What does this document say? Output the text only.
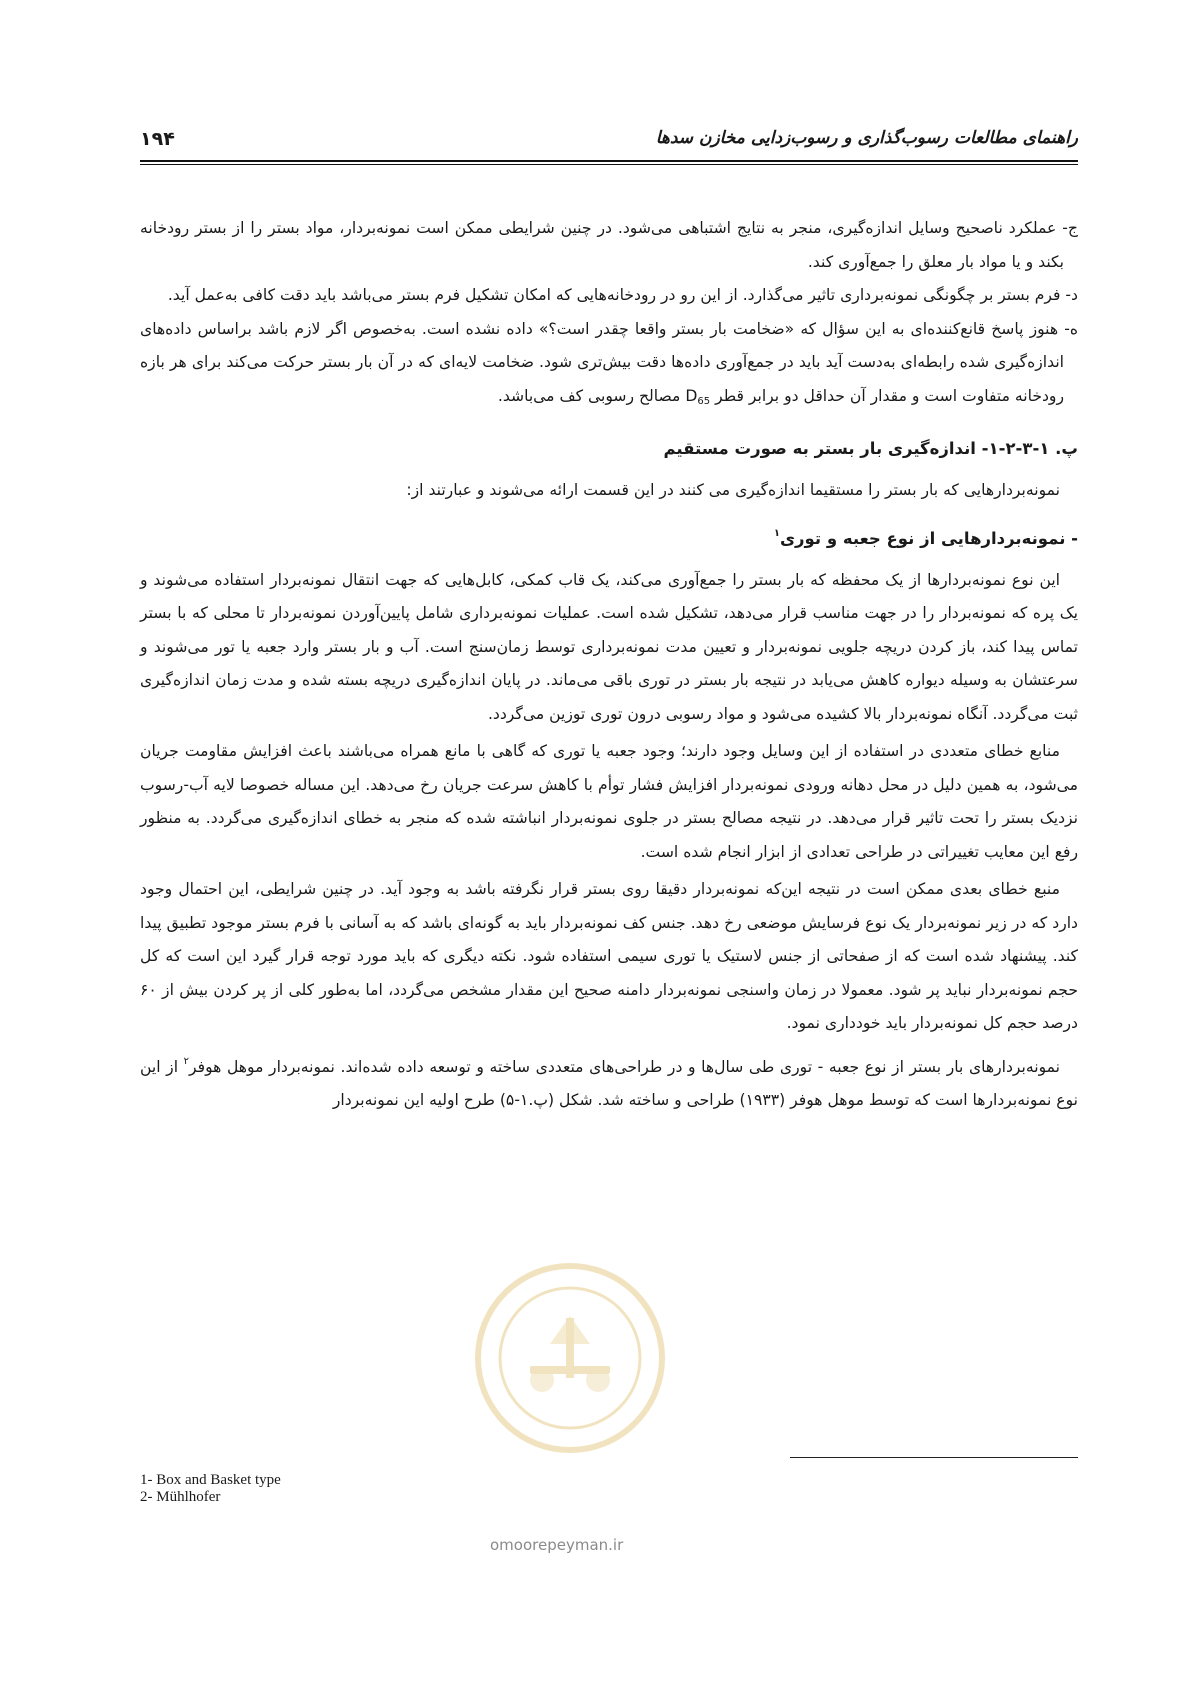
۱۹۴	راهنمای مطالعات رسوب‌گذاری و رسوب‌زدایی مخازن سدها

ج- عملکرد ناصحیح وسایل اندازه‌گیری، منجر به نتایج اشتباهی می‌شود. در چنین شرایطی ممکن است نمونه‌بردار، مواد بستر را از بستر رودخانه بکند و یا مواد بار معلق را جمع‌آوری کند.

د- فرم بستر بر چگونگی نمونه‌برداری تاثیر می‌گذارد. از این رو در رودخانه‌هایی که امکان تشکیل فرم بستر می‌باشد باید دقت کافی به‌عمل آید.

ه- هنوز پاسخ قانع‌کننده‌ای به این سؤال که «ضخامت بار بستر واقعا چقدر است؟» داده نشده است. به‌خصوص اگر لازم باشد براساس داده‌های اندازه‌گیری شده رابطه‌ای به‌دست آید باید در جمع‌آوری داده‌ها دقت بیش‌تری شود. ضخامت لایه‌ای که در آن بار بستر حرکت می‌کند برای هر بازه رودخانه متفاوت است و مقدار آن حداقل دو برابر قطر $D_{65}$ مصالح رسوبی کف می‌باشد.

پ. ۱-۳-۲-۱- اندازه‌گیری بار بستر به صورت مستقیم

نمونه‌بردارهایی که بار بستر را مستقیما اندازه‌گیری می کنند در این قسمت ارائه می‌شوند و عبارتند از:

- نمونه‌بردارهایی از نوع جعبه و توری$^۱$

این نوع نمونه‌بردارها از یک محفظه که بار بستر را جمع‌آوری می‌کند، یک قاب کمکی، کابل‌هایی که جهت انتقال نمونه‌بردار استفاده می‌شوند و یک پره که نمونه‌بردار را در جهت مناسب قرار می‌دهد، تشکیل شده است. عملیات نمونه‌برداری شامل پایین‌آوردن نمونه‌بردار تا محلی که با بستر تماس پیدا کند، باز کردن دریچه جلویی نمونه‌بردار و تعیین مدت نمونه‌برداری توسط زمان‌سنج است. آب و بار بستر وارد جعبه یا تور می‌شوند و سرعتشان به وسیله دیواره کاهش می‌یابد در نتیجه بار بستر در توری باقی می‌ماند. در پایان اندازه‌گیری دریچه بسته شده و مدت زمان اندازه‌گیری ثبت می‌گردد. آنگاه نمونه‌بردار بالا کشیده می‌شود و مواد رسوبی درون توری توزین می‌گردد.

منابع خطای متعددی در استفاده از این وسایل وجود دارند؛ وجود جعبه یا توری که گاهی با مانع همراه می‌باشند باعث افزایش مقاومت جریان می‌شود، به همین دلیل در محل دهانه ورودی نمونه‌بردار افزایش فشار توأم با کاهش سرعت جریان رخ می‌دهد. این مساله خصوصا لایه آب-رسوب نزدیک بستر را تحت تاثیر قرار می‌دهد. در نتیجه مصالح بستر در جلوی نمونه‌بردار انباشته شده که منجر به خطای اندازه‌گیری می‌گردد. به منظور رفع این معایب تغییراتی در طراحی تعدادی از ابزار انجام شده است.

منبع خطای بعدی ممکن است در نتیجه این‌که نمونه‌بردار دقیقا روی بستر قرار نگرفته باشد به وجود آید. در چنین شرایطی، این احتمال وجود دارد که در زیر نمونه‌بردار یک نوع فرسایش موضعی رخ دهد. جنس کف نمونه‌بردار باید به گونه‌ای باشد که به آسانی با فرم بستر موجود تطبیق پیدا کند. پیشنهاد شده است که از صفحاتی از جنس لاستیک یا توری سیمی استفاده شود. نکته دیگری که باید مورد توجه قرار گیرد این است که کل حجم نمونه‌بردار نباید پر شود. معمولا در زمان واسنجی نمونه‌بردار دامنه صحیح این مقدار مشخص می‌گردد، اما به‌طور کلی از پر کردن بیش از ۶۰ درصد حجم کل نمونه‌بردار باید خودداری نمود.

نمونه‌بردارهای بار بستر از نوع جعبه - توری طی سال‌ها و در طراحی‌های متعددی ساخته و توسعه داده شده‌اند. نمونه‌بردار موهل هوفر$^۲$ از این نوع نمونه‌بردارها است که توسط موهل هوفر (۱۹۳۳) طراحی و ساخته شد. شکل (پ.۱-۵) طرح اولیه این نمونه‌بردار

omoorepeyman.ir
1- Box and Basket type
2- Mühlhofer
